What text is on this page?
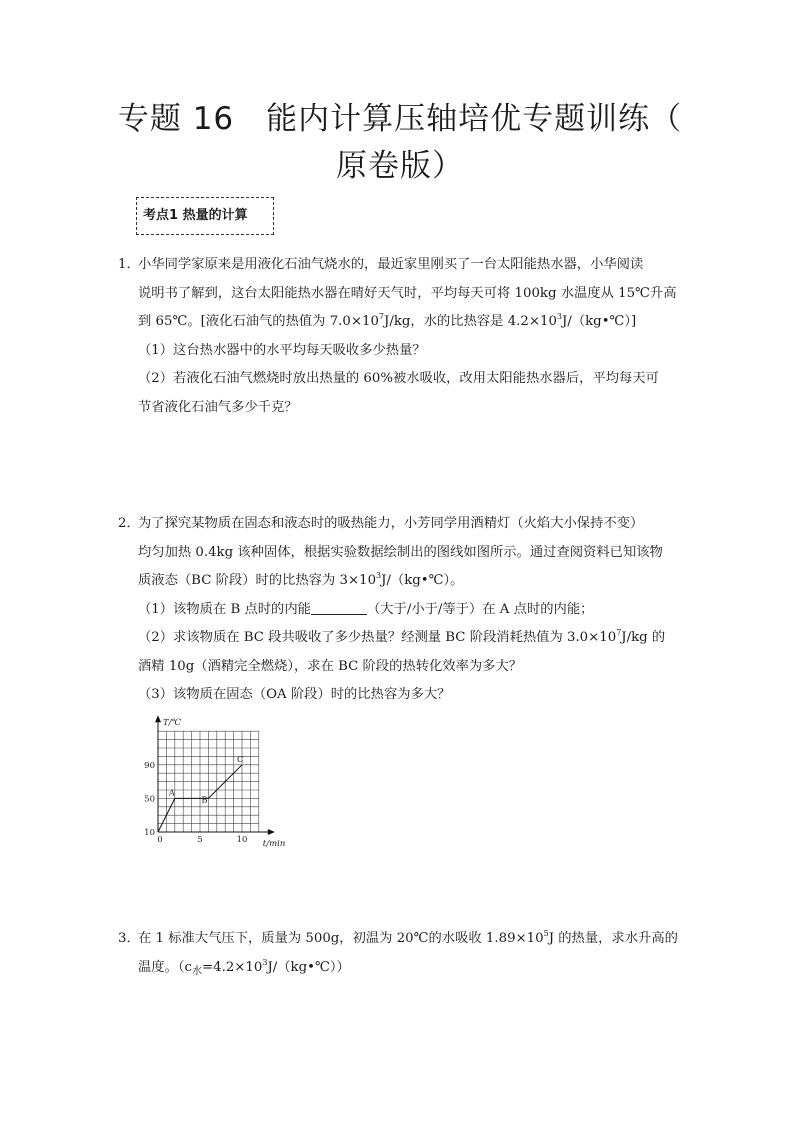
专题 16　能内计算压轴培优专题训练（
原卷版）
考点1 热量的计算

1．小华同学家原来是用液化石油气烧水的，最近家里刚买了一台太阳能热水器，小华阅读

说明书了解到，这台太阳能热水器在晴好天气时，平均每天可将 100kg 水温度从 15℃升高

到 65℃。[液化石油气的热值为 $7.0\times 10^7J/kg$，水的比热容是 $4.2\times 10^3J/(kg•℃)$]

（1）这台热水器中的水平均每天吸收多少热量？

（2）若液化石油气燃烧时放出热量的 60%被水吸收，改用太阳能热水器后，平均每天可

节省液化石油气多少千克？

2．为了探究某物质在固态和液态时的吸热能力，小芳同学用酒精灯（火焰大小保持不变）

均匀加热 0.4kg 该种固体，根据实验数据绘制出的图线如图所示。通过查阅资料已知该物

质液态（BC 阶段）时的比热容为 $3\times 10^3J/(kg•℃)$。

（1）该物质在 B 点时的内能	（大于/小于/等于）在 A 点时的内能；

（2）求该物质在 BC 段共吸收了多少热量？经测量 BC 阶段消耗热值为 $3.0\times 10^7J/kg$ 的

酒精 10g（酒精完全燃烧），求在 BC 阶段的热转化效率为多大？

（3）该物质在固态（OA 阶段）时的比热容为多大？

90
50
10
0	5	10
A
B
C
T/℃
t/min

3．在 1 标准大气压下，质量为 500g，初温为 20℃的水吸收 $1.89\times 10^5J$ 的热量，求水升高的

温度。$(c_水=4.2\times 10^3J/(kg•℃))$
